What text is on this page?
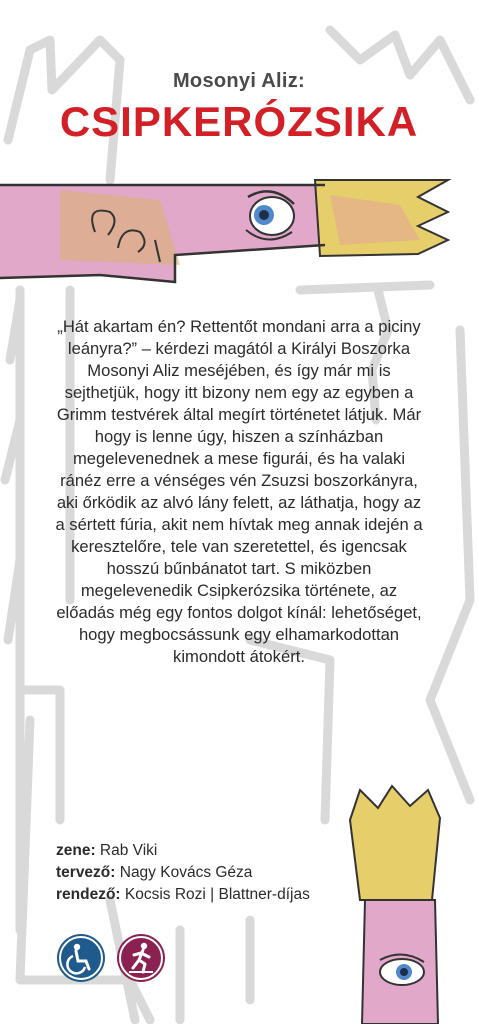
Mosonyi Aliz:
CSIPKERÓZSIKA
„Hát akartam én? Rettentőt mondani arra a piciny leányra?” – kérdezi magától a Királyi Boszorka Mosonyi Aliz meséjében, és így már mi is sejthetjük, hogy itt bizony nem egy az egyben a Grimm testvérek által megírt történetet látjuk. Már hogy is lenne úgy, hiszen a színházban megelevenednek a mese figurái, és ha valaki ránéz erre a vénséges vén Zsuzsi boszorkányra, aki őrködik az alvó lány felett, az láthatja, hogy az a sértett fúria, akit nem hívtak meg annak idején a keresztelőre, tele van szeretettel, és igencsak hosszú bűnbánatot tart. S miközben megelevenedik Csipkerózsika története, az előadás még egy fontos dolgot kínál: lehetőséget, hogy megbocsássunk egy elhamarkodottan kimondott átokért.
zene: Rab Viki
tervező: Nagy Kovács Géza
rendező: Kocsis Rozi | Blattner-díjas
